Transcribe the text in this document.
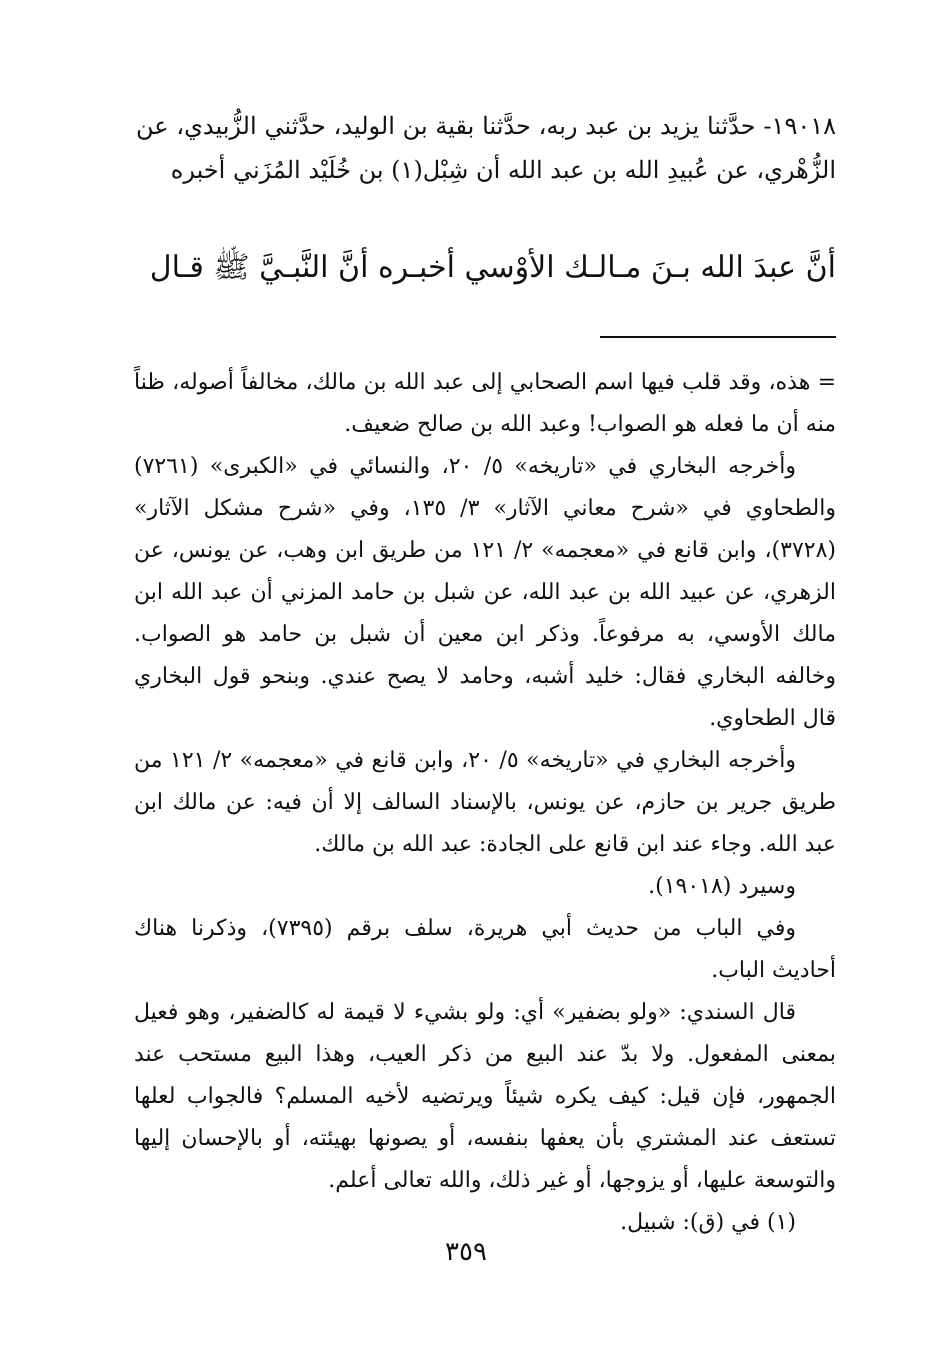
١٩٠١٨- حدَّثنا يزيد بن عبد ربه، حدَّثنا بقية بن الوليد، حدَّثني الزُّبيدي، عن الزُّهْري، عن عُبيدِ الله بن عبد الله أن شِبْل(١) بن خُلَيْد المُزَني أخبره

أنَّ عبدَ الله بـنَ مـالـك الأوْسي أخبـره أنَّ النَّبـيَّ ﷺ قـال

= هذه، وقد قلب فيها اسم الصحابي إلى عبد الله بن مالك، مخالفاً أصوله، ظناً منه أن ما فعله هو الصواب! وعبد الله بن صالح ضعيف.

وأخرجه البخاري في «تاريخه» ٥/ ٢٠، والنسائي في «الكبرى» (٧٢٦١) والطحاوي في «شرح معاني الآثار» ٣/ ١٣٥، وفي «شرح مشكل الآثار» (٣٧٢٨)، وابن قانع في «معجمه» ٢/ ١٢١ من طريق ابن وهب، عن يونس، عن الزهري، عن عبيد الله بن عبد الله، عن شبل بن حامد المزني أن عبد الله ابن مالك الأوسي، به مرفوعاً. وذكر ابن معين أن شبل بن حامد هو الصواب. وخالفه البخاري فقال: خليد أشبه، وحامد لا يصح عندي. وبنحو قول البخاري قال الطحاوي.

وأخرجه البخاري في «تاريخه» ٥/ ٢٠، وابن قانع في «معجمه» ٢/ ١٢١ من طريق جرير بن حازم، عن يونس، بالإسناد السالف إلا أن فيه: عن مالك ابن عبد الله. وجاء عند ابن قانع على الجادة: عبد الله بن مالك.

وسيرد (١٩٠١٨).

وفي الباب من حديث أبي هريرة، سلف برقم (٧٣٩٥)، وذكرنا هناك أحاديث الباب.

قال السندي: «ولو بضفير» أي: ولو بشيء لا قيمة له كالضفير، وهو فعيل بمعنى المفعول. ولا بدّ عند البيع من ذكر العيب، وهذا البيع مستحب عند الجمهور، فإن قيل: كيف يكره شيئاً ويرتضيه لأخيه المسلم؟ فالجواب لعلها تستعف عند المشتري بأن يعفها بنفسه، أو يصونها بهيئته، أو بالإحسان إليها والتوسعة عليها، أو يزوجها، أو غير ذلك، والله تعالى أعلم.

(١) في (ق): شبيل.

٣٥٩
